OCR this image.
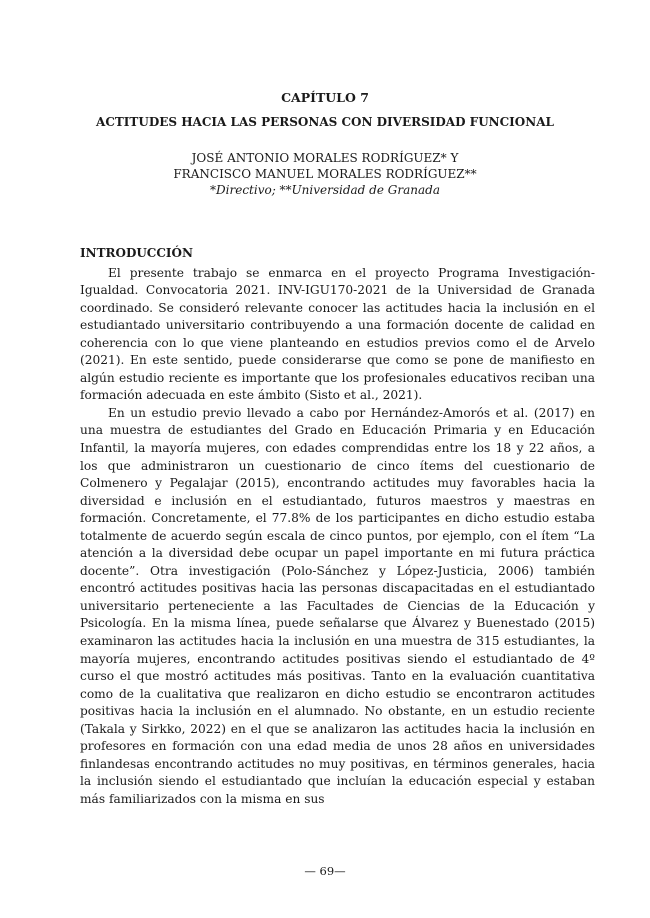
CAPÍTULO 7
ACTITUDES HACIA LAS PERSONAS CON DIVERSIDAD FUNCIONAL
JOSÉ ANTONIO MORALES RODRÍGUEZ* Y
FRANCISCO MANUEL MORALES RODRÍGUEZ**
*Directivo; **Universidad de Granada
INTRODUCCIÓN

El presente trabajo se enmarca en el proyecto Programa Investigación-Igualdad. Convocatoria 2021. INV-IGU170-2021 de la Universidad de Granada coordinado. Se consideró relevante conocer las actitudes hacia la inclusión en el estudiantado universitario contribuyendo a una formación docente de calidad en coherencia con lo que viene planteando en estudios previos como el de Arvelo (2021). En este sentido, puede considerarse que como se pone de manifiesto en algún estudio reciente es importante que los profesionales educativos reciban una formación adecuada en este ámbito (Sisto et al., 2021).

En un estudio previo llevado a cabo por Hernández-Amorós et al. (2017) en una muestra de estudiantes del Grado en Educación Primaria y en Educación Infantil, la mayoría mujeres, con edades comprendidas entre los 18 y 22 años, a los que administraron un cuestionario de cinco ítems del cuestionario de Colmenero y Pegalajar (2015), encontrando actitudes muy favorables hacia la diversidad e inclusión en el estudiantado, futuros maestros y maestras en formación. Concretamente, el 77.8% de los participantes en dicho estudio estaba totalmente de acuerdo según escala de cinco puntos, por ejemplo, con el ítem “La atención a la diversidad debe ocupar un papel importante en mi futura práctica docente”. Otra investigación (Polo-Sánchez y López-Justicia, 2006) también encontró actitudes positivas hacia las personas discapacitadas en el estudiantado universitario perteneciente a las Facultades de Ciencias de la Educación y Psicología. En la misma línea, puede señalarse que Álvarez y Buenestado (2015) examinaron las actitudes hacia la inclusión en una muestra de 315 estudiantes, la mayoría mujeres, encontrando actitudes positivas siendo el estudiantado de 4º curso el que mostró actitudes más positivas. Tanto en la evaluación cuantitativa como de la cualitativa que realizaron en dicho estudio se encontraron actitudes positivas hacia la inclusión en el alumnado. No obstante, en un estudio reciente (Takala y Sirkko, 2022) en el que se analizaron las actitudes hacia la inclusión en profesores en formación con una edad media de unos 28 años en universidades finlandesas encontrando actitudes no muy positivas, en términos generales, hacia la inclusión siendo el estudiantado que incluían la educación especial y estaban más familiarizados con la misma en sus

— 69—
